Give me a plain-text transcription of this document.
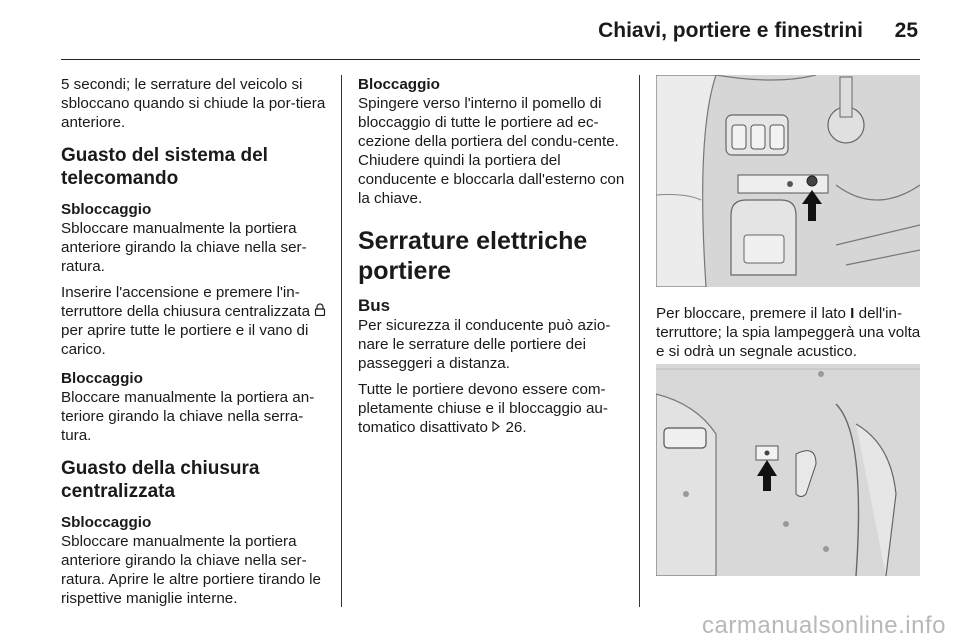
Chiavi, portiere e finestrini 25

5 secondi; le serrature del veicolo si sbloccano quando si chiude la por-tiera anteriore.

Guasto del sistema del telecomando

Sbloccaggio

Sbloccare manualmente la portiera anteriore girando la chiave nella ser-ratura.

Inserire l'accensione e premere l'in-terruttore della chiusura centralizzata  per aprire tutte le portiere e il vano di carico.

Bloccaggio

Bloccare manualmente la portiera an-teriore girando la chiave nella serra-tura.

Guasto della chiusura centralizzata

Sbloccaggio

Sbloccare manualmente la portiera anteriore girando la chiave nella ser-ratura. Aprire le altre portiere tirando le rispettive maniglie interne.

Bloccaggio

Spingere verso l'interno il pomello di bloccaggio di tutte le portiere ad ec-cezione della portiera del condu-cente. Chiudere quindi la portiera del conducente e bloccarla dall'esterno con la chiave.

Serrature elettriche portiere

Bus

Per sicurezza il conducente può azio-nare le serrature delle portiere dei passeggeri a distanza.

Tutte le portiere devono essere com-pletamente chiuse e il bloccaggio au-tomatico disattivato 26.

Per bloccare, premere il lato I dell'in-terruttore; la spia lampeggerà una volta e si odrà un segnale acustico.

carmanualsonline.info
